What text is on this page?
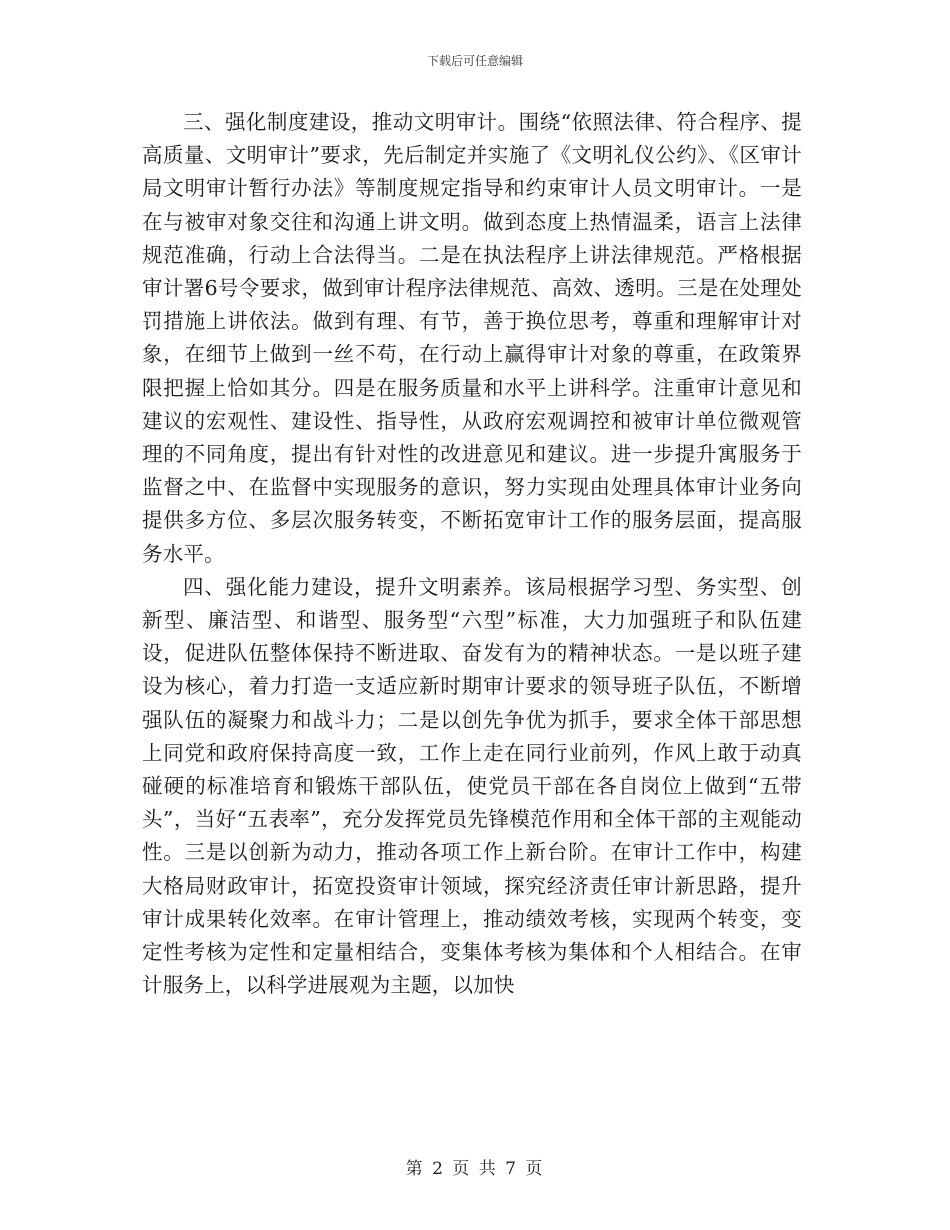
下载后可任意编辑

三、强化制度建设，推动文明审计。围绕“依照法律、符合程序、提高质量、文明审计”要求，先后制定并实施了《文明礼仪公约》、《区审计局文明审计暂行办法》等制度规定指导和约束审计人员文明审计。一是在与被审对象交往和沟通上讲文明。做到态度上热情温柔，语言上法律规范准确，行动上合法得当。二是在执法程序上讲法律规范。严格根据审计署6号令要求，做到审计程序法律规范、高效、透明。三是在处理处罚措施上讲依法。做到有理、有节，善于换位思考，尊重和理解审计对象，在细节上做到一丝不苟，在行动上赢得审计对象的尊重，在政策界限把握上恰如其分。四是在服务质量和水平上讲科学。注重审计意见和建议的宏观性、建设性、指导性，从政府宏观调控和被审计单位微观管理的不同角度，提出有针对性的改进意见和建议。进一步提升寓服务于监督之中、在监督中实现服务的意识，努力实现由处理具体审计业务向提供多方位、多层次服务转变，不断拓宽审计工作的服务层面，提高服务水平。

四、强化能力建设，提升文明素养。该局根据学习型、务实型、创新型、廉洁型、和谐型、服务型“六型”标准，大力加强班子和队伍建设，促进队伍整体保持不断进取、奋发有为的精神状态。一是以班子建设为核心，着力打造一支适应新时期审计要求的领导班子队伍，不断增强队伍的凝聚力和战斗力；二是以创先争优为抓手，要求全体干部思想上同党和政府保持高度一致，工作上走在同行业前列，作风上敢于动真碰硬的标准培育和锻炼干部队伍，使党员干部在各自岗位上做到“五带头”，当好“五表率”，充分发挥党员先锋模范作用和全体干部的主观能动性。三是以创新为动力，推动各项工作上新台阶。在审计工作中，构建大格局财政审计，拓宽投资审计领域，探究经济责任审计新思路，提升审计成果转化效率。在审计管理上，推动绩效考核，实现两个转变，变定性考核为定性和定量相结合，变集体考核为集体和个人相结合。在审计服务上，以科学进展观为主题，以加快

第 2 页 共 7 页
